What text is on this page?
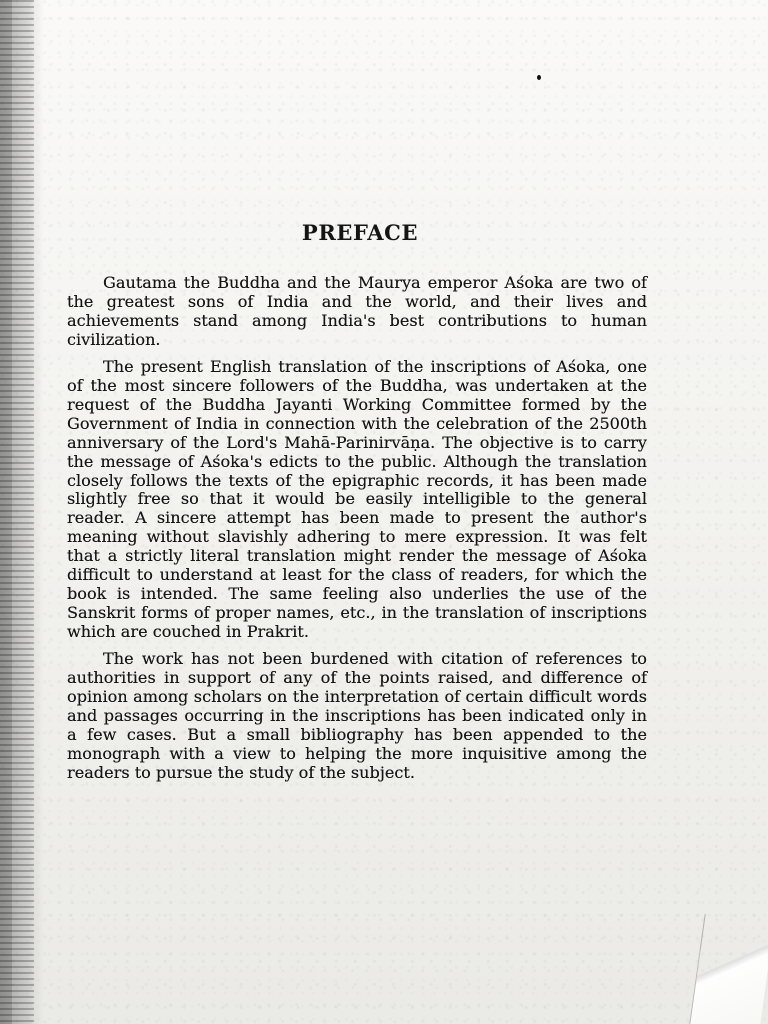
PREFACE

Gautama the Buddha and the Maurya emperor Aśoka are two of the greatest sons of India and the world, and their lives and achievements stand among India's best contributions to human civilization.

The present English translation of the inscriptions of Aśoka, one of the most sincere followers of the Buddha, was undertaken at the request of the Buddha Jayanti Working Committee formed by the Government of India in connection with the celebration of the 2500th anniversary of the Lord's Mahā-Parinirvāṇa. The objective is to carry the message of Aśoka's edicts to the public. Although the translation closely follows the texts of the epigraphic records, it has been made slightly free so that it would be easily intelligible to the general reader. A sincere attempt has been made to present the author's meaning without slavishly adhering to mere expression. It was felt that a strictly literal translation might render the message of Aśoka difficult to understand at least for the class of readers, for which the book is intended. The same feeling also underlies the use of the Sanskrit forms of proper names, etc., in the translation of inscriptions which are couched in Prakrit.

The work has not been burdened with citation of references to authorities in support of any of the points raised, and difference of opinion among scholars on the interpretation of certain difficult words and passages occurring in the inscriptions has been indicated only in a few cases. But a small bibliography has been appended to the monograph with a view to helping the more inquisitive among the readers to pursue the study of the subject.
